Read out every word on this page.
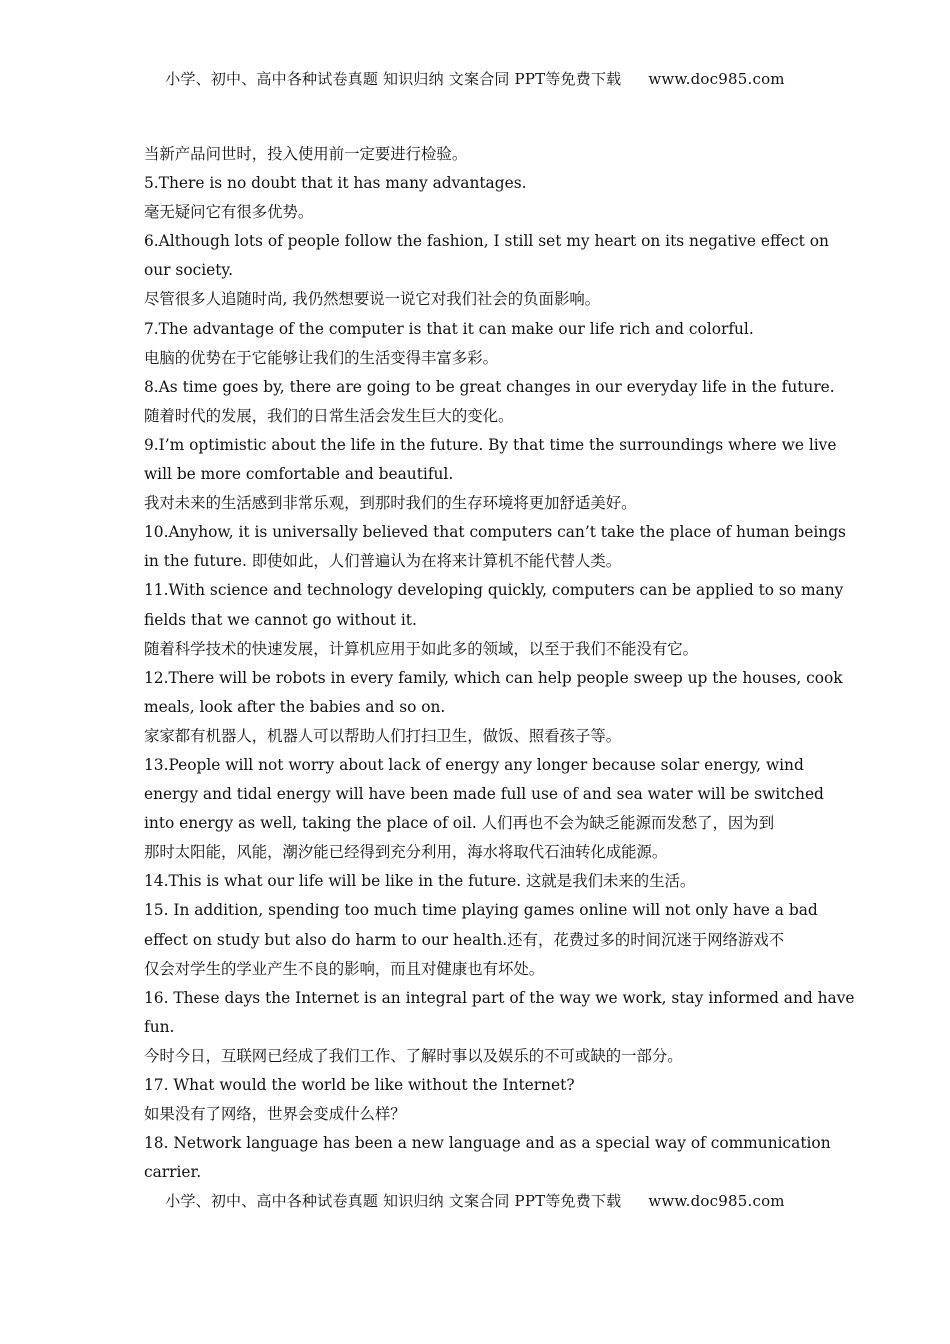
小学、初中、高中各种试卷真题 知识归纳 文案合同 PPT等免费下载 www.doc985.com
当新产品问世时，投入使用前一定要进行检验。
5.There is no doubt that it has many advantages.
毫无疑问它有很多优势。
6.Although lots of people follow the fashion, I still set my heart on its negative effect on
our society.
尽管很多人追随时尚, 我仍然想要说一说它对我们社会的负面影响。
7.The advantage of the computer is that it can make our life rich and colorful.
电脑的优势在于它能够让我们的生活变得丰富多彩。
8.As time goes by, there are going to be great changes in our everyday life in the future.
随着时代的发展，我们的日常生活会发生巨大的变化。
9.I’m optimistic about the life in the future. By that time the surroundings where we live
will be more comfortable and beautiful.
我对未来的生活感到非常乐观，到那时我们的生存环境将更加舒适美好。
10.Anyhow, it is universally believed that computers can’t take the place of human beings
in the future. 即使如此，人们普遍认为在将来计算机不能代替人类。
11.With science and technology developing quickly, computers can be applied to so many
fields that we cannot go without it.
随着科学技术的快速发展，计算机应用于如此多的领域，以至于我们不能没有它。
12.There will be robots in every family, which can help people sweep up the houses, cook
meals, look after the babies and so on.
家家都有机器人，机器人可以帮助人们打扫卫生，做饭、照看孩子等。
13.People will not worry about lack of energy any longer because solar energy, wind
energy and tidal energy will have been made full use of and sea water will be switched
into energy as well, taking the place of oil. 人们再也不会为缺乏能源而发愁了，因为到
那时太阳能，风能，潮汐能已经得到充分利用，海水将取代石油转化成能源。
14.This is what our life will be like in the future. 这就是我们未来的生活。
15. In addition, spending too much time playing games online will not only have a bad
effect on study but also do harm to our health.还有，花费过多的时间沉迷于网络游戏不
仅会对学生的学业产生不良的影响，而且对健康也有坏处。
16. These days the Internet is an integral part of the way we work, stay informed and have
fun.
今时今日，互联网已经成了我们工作、了解时事以及娱乐的不可或缺的一部分。
17. What would the world be like without the Internet?
如果没有了网络，世界会变成什么样？
18. Network language has been a new language and as a special way of communication
carrier.
小学、初中、高中各种试卷真题 知识归纳 文案合同 PPT等免费下载 www.doc985.com
